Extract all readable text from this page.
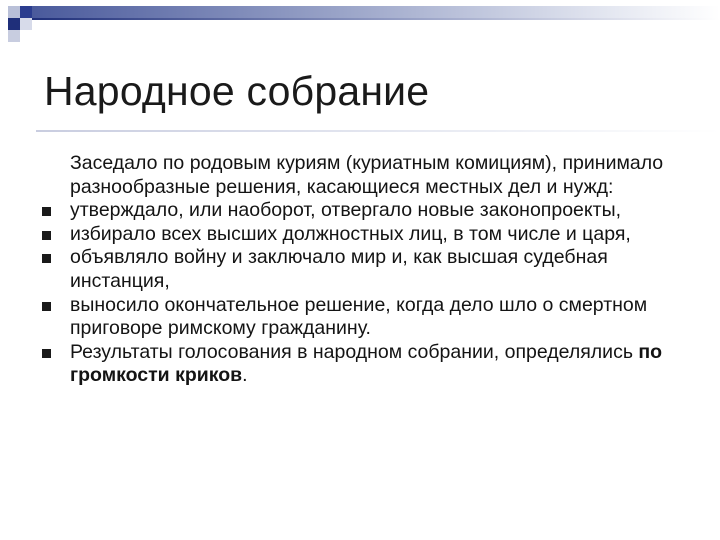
Народное собрание

Заседало по родовым куриям (куриатным комициям), принимало разнообразные решения, касающиеся местных дел и нужд:

утверждало, или наоборот, отвергало новые законопроекты,

избирало всех высших должностных лиц, в том числе и царя,

объявляло войну и заключало мир и, как высшая судебная инстанция,

выносило окончательное решение, когда дело шло о смертном приговоре римскому гражданину.

Результаты голосования в народном собрании, определялись по громкости криков.
